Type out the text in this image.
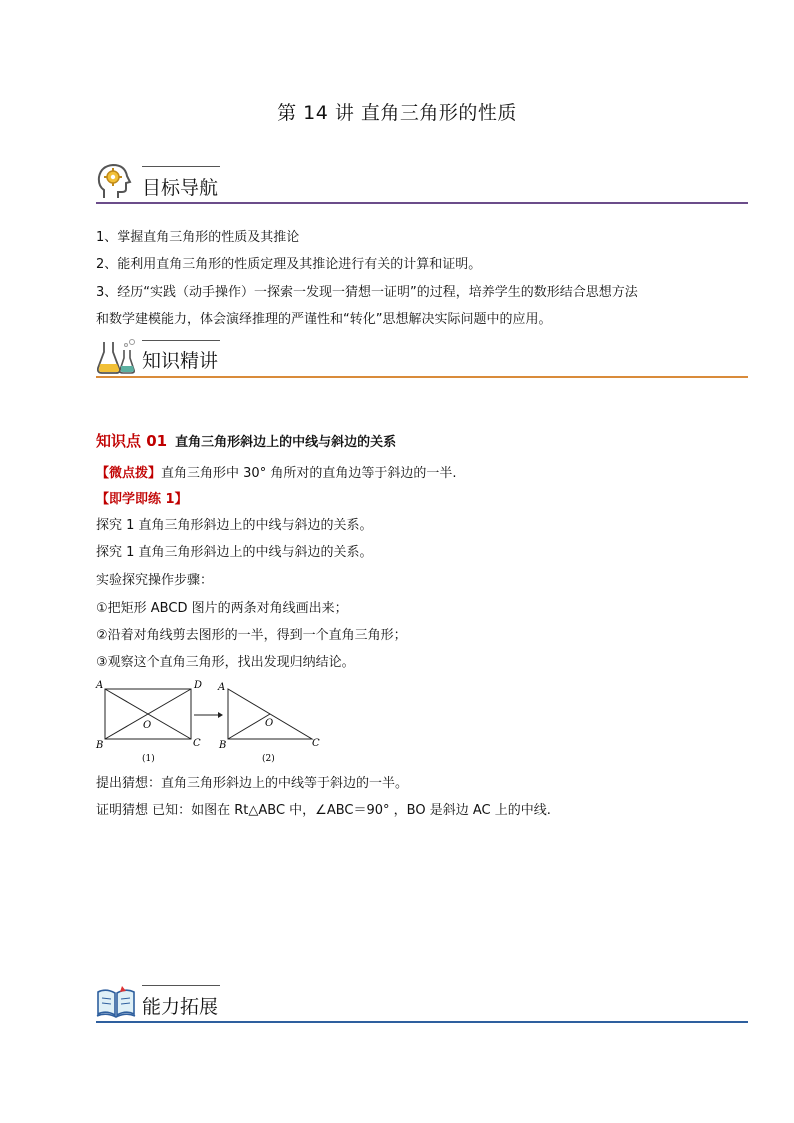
第 14 讲 直角三角形的性质
目标导航
1、掌握直角三角形的性质及其推论
2、能利用直角三角形的性质定理及其推论进行有关的计算和证明。
3、经历“实践（动手操作）一探索一发现一猜想一证明”的过程，培养学生的数形结合思想方法
和数学建模能力，体会演绎推理的严谨性和“转化”思想解决实际问题中的应用。
知识精讲
知识点 01 直角三角形斜边上的中线与斜边的关系
【微点拨】直角三角形中 30° 角所对的直角边等于斜边的一半.
【即学即练 1】
探究 1 直角三角形斜边上的中线与斜边的关系。
探究 1 直角三角形斜边上的中线与斜边的关系。
实验探究操作步骤：
①把矩形 ABCD 图片的两条对角线画出来；
②沿着对角线剪去图形的一半，得到一个直角三角形；
③观察这个直角三角形，找出发现归纳结论。
A	D
B	C
O
A
B	C
O
(1)	(2)
提出猜想：直角三角形斜边上的中线等于斜边的一半。
证明猜想 已知：如图在 Rt△ABC 中，∠ABC＝90° ，BO 是斜边 AC 上的中线.
能力拓展
